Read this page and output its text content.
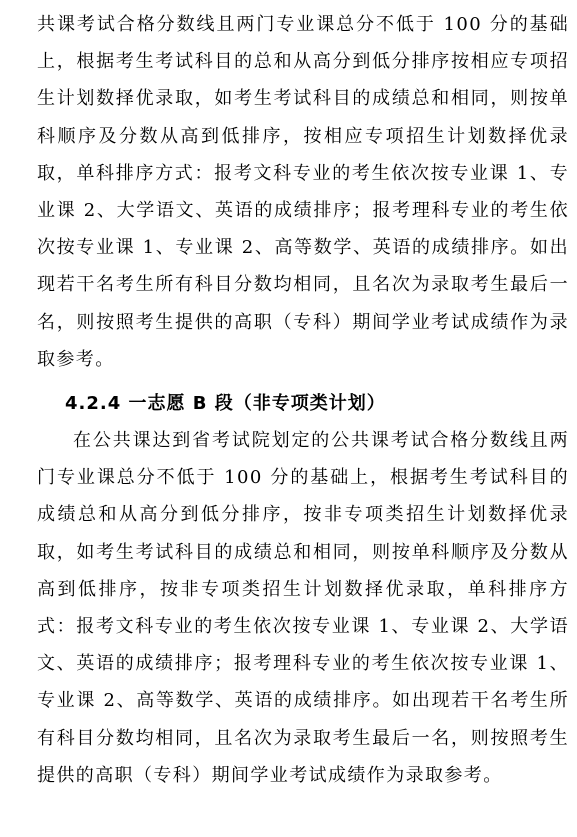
共课考试合格分数线且两门专业课总分不低于 100 分的基础上，根据考生考试科目的总和从高分到低分排序按相应专项招生计划数择优录取，如考生考试科目的成绩总和相同，则按单科顺序及分数从高到低排序，按相应专项招生计划数择优录取，单科排序方式：报考文科专业的考生依次按专业课 1、专业课 2、大学语文、英语的成绩排序；报考理科专业的考生依次按专业课 1、专业课 2、高等数学、英语的成绩排序。如出现若干名考生所有科目分数均相同，且名次为录取考生最后一名，则按照考生提供的高职（专科）期间学业考试成绩作为录取参考。

4.2.4 一志愿 B 段（非专项类计划）

在公共课达到省考试院划定的公共课考试合格分数线且两门专业课总分不低于 100 分的基础上，根据考生考试科目的成绩总和从高分到低分排序，按非专项类招生计划数择优录取，如考生考试科目的成绩总和相同，则按单科顺序及分数从高到低排序，按非专项类招生计划数择优录取，单科排序方式：报考文科专业的考生依次按专业课 1、专业课 2、大学语文、英语的成绩排序；报考理科专业的考生依次按专业课 1、专业课 2、高等数学、英语的成绩排序。如出现若干名考生所有科目分数均相同，且名次为录取考生最后一名，则按照考生提供的高职（专科）期间学业考试成绩作为录取参考。
